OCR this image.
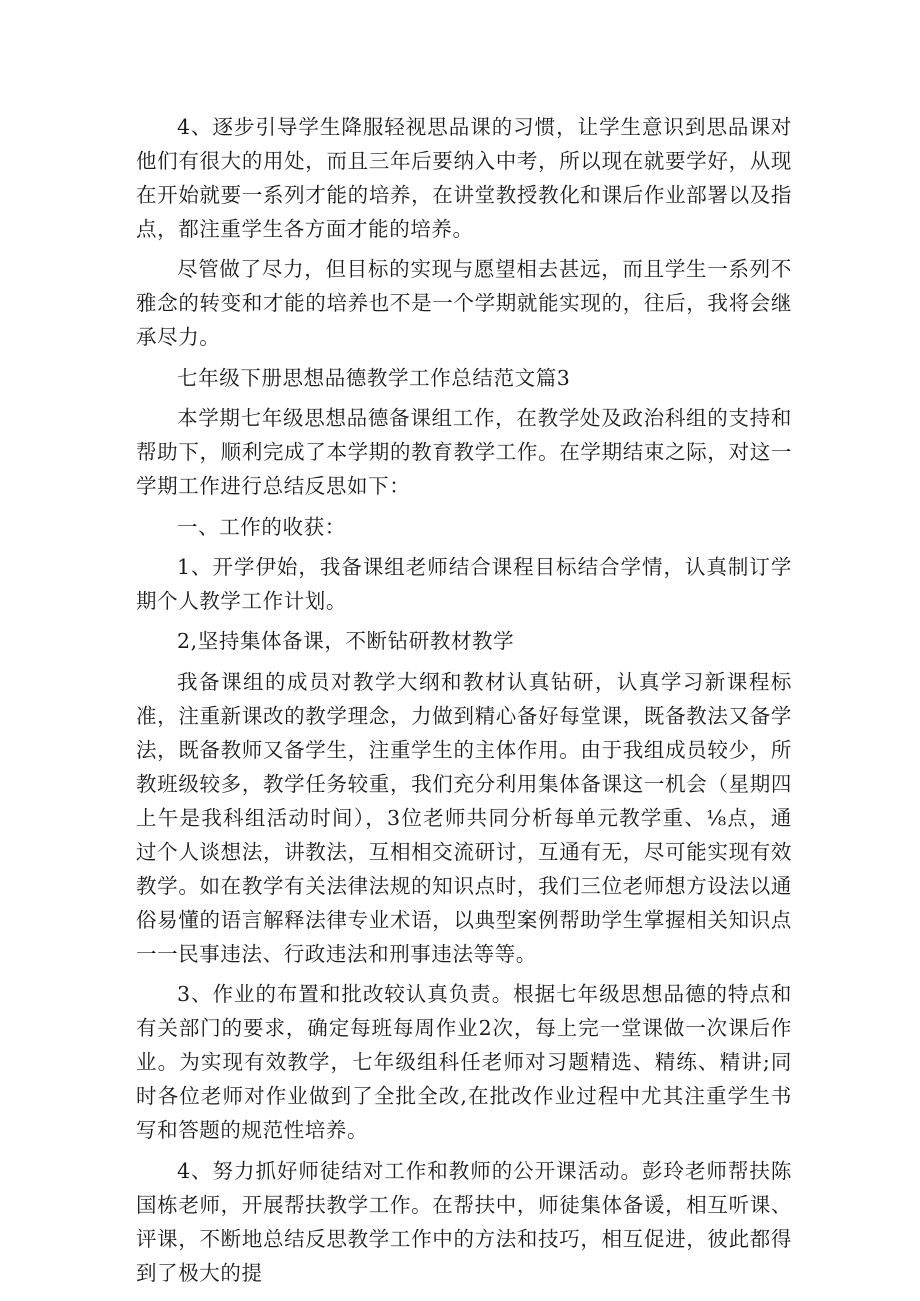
4、逐步引导学生降服轻视思品课的习惯，让学生意识到思品课对他们有很大的用处，而且三年后要纳入中考，所以现在就要学好，从现在开始就要一系列才能的培养，在讲堂教授教化和课后作业部署以及指点，都注重学生各方面才能的培养。

尽管做了尽力，但目标的实现与愿望相去甚远，而且学生一系列不雅念的转变和才能的培养也不是一个学期就能实现的，往后，我将会继承尽力。

七年级下册思想品德教学工作总结范文篇3

本学期七年级思想品德备课组工作，在教学处及政治科组的支持和帮助下，顺利完成了本学期的教育教学工作。在学期结束之际，对这一学期工作进行总结反思如下：

一、工作的收获：

1、开学伊始，我备课组老师结合课程目标结合学情，认真制订学期个人教学工作计划。

2,坚持集体备课，不断钻研教材教学

我备课组的成员对教学大纲和教材认真钻研，认真学习新课程标准，注重新课改的教学理念，力做到精心备好每堂课，既备教法又备学法，既备教师又备学生，注重学生的主体作用。由于我组成员较少，所教班级较多，教学任务较重，我们充分利用集体备课这一机会（星期四上午是我科组活动时间），3位老师共同分析每单元教学重、⅛点，通过个人谈想法，讲教法，互相相交流研讨，互通有无，尽可能实现有效教学。如在教学有关法律法规的知识点时，我们三位老师想方设法以通俗易懂的语言解释法律专业术语，以典型案例帮助学生掌握相关知识点一一民事违法、行政违法和刑事违法等等。

3、作业的布置和批改较认真负责。根据七年级思想品德的特点和有关部门的要求，确定每班每周作业2次，每上完一堂课做一次课后作业。为实现有效教学，七年级组科任老师对习题精选、精练、精讲;同时各位老师对作业做到了全批全改,在批改作业过程中尤其注重学生书写和答题的规范性培养。

4、努力抓好师徒结对工作和教师的公开课活动。彭玲老师帮扶陈国栋老师，开展帮扶教学工作。在帮扶中，师徒集体备谖，相互听课、评课，不断地总结反思教学工作中的方法和技巧，相互促进，彼此都得到了极大的提
